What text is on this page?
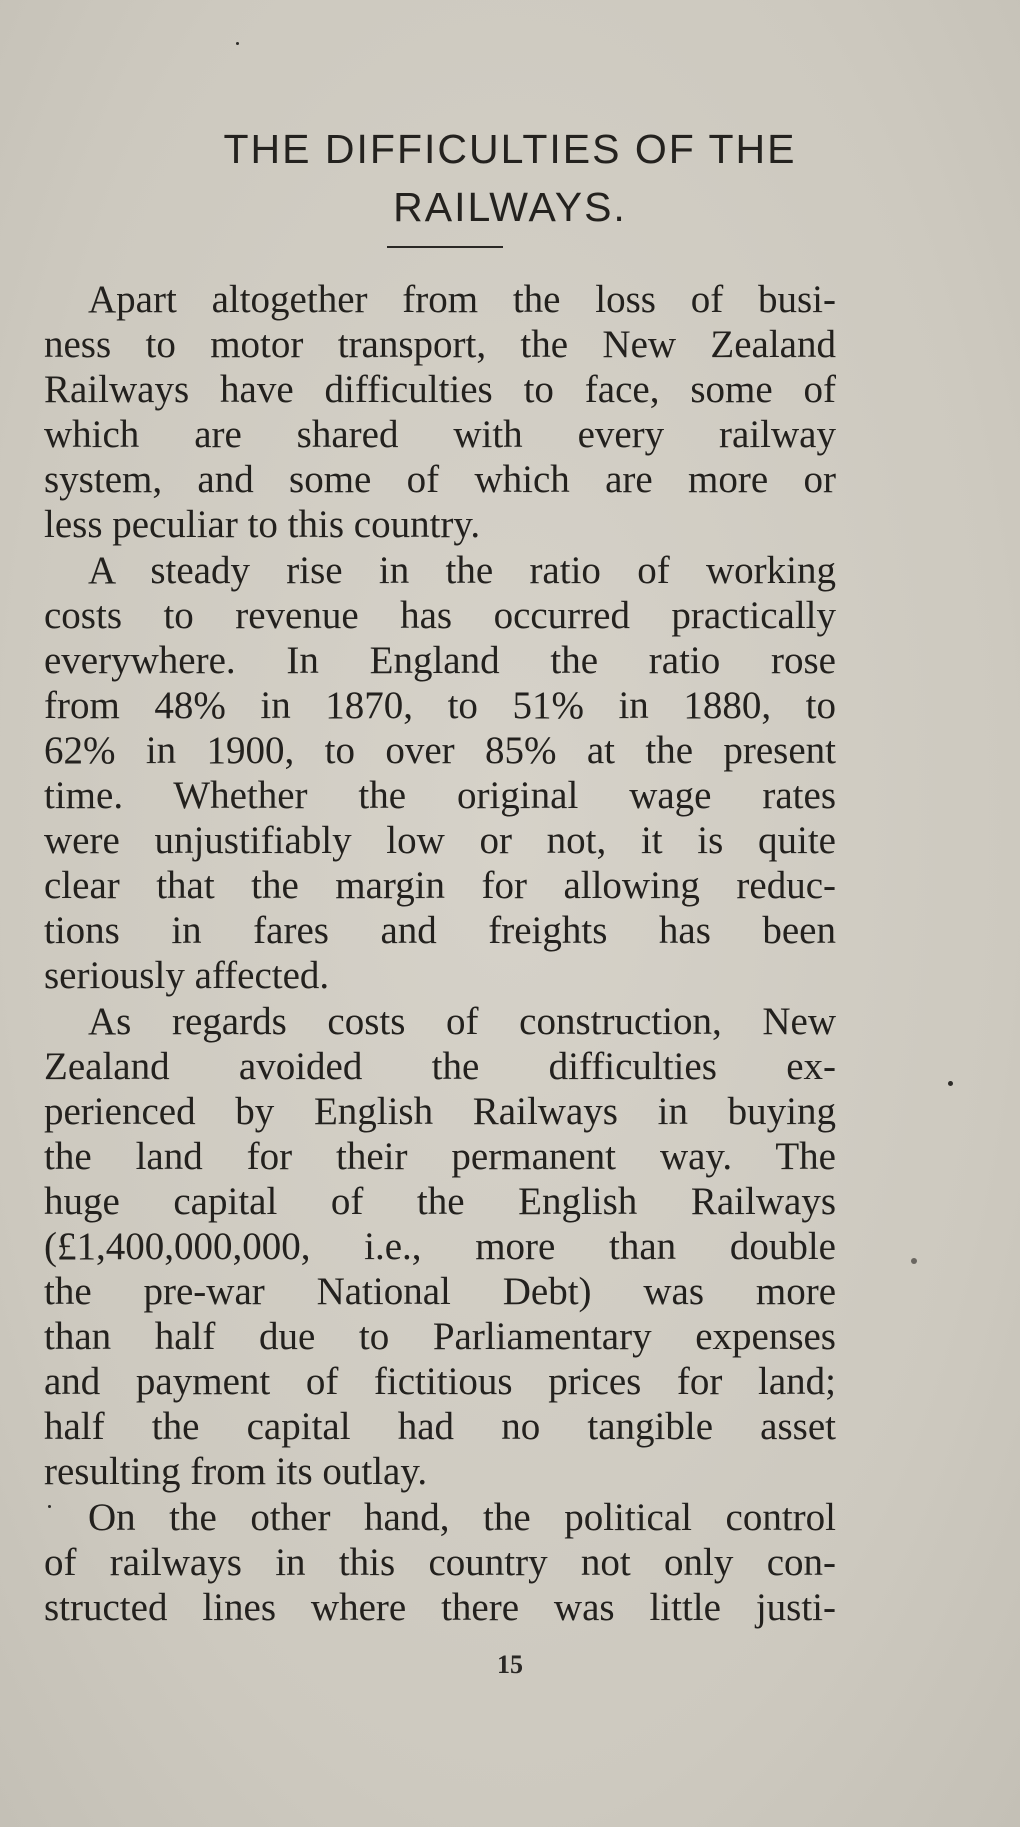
THE DIFFICULTIES OF THE
RAILWAYS.

Apart altogether from the loss of busi-
ness to motor transport, the New Zealand
Railways have difficulties to face, some of
which are shared with every railway
system, and some of which are more or
less peculiar to this country.

A steady rise in the ratio of working
costs to revenue has occurred practically
everywhere. In England the ratio rose
from 48% in 1870, to 51% in 1880, to
62% in 1900, to over 85% at the present
time. Whether the original wage rates
were unjustifiably low or not, it is quite
clear that the margin for allowing reduc-
tions in fares and freights has been
seriously affected.

As regards costs of construction, New
Zealand avoided the difficulties ex-
perienced by English Railways in buying
the land for their permanent way. The
huge capital of the English Railways
(£1,400,000,000, i.e., more than double
the pre-war National Debt) was more
than half due to Parliamentary expenses
and payment of fictitious prices for land;
half the capital had no tangible asset
resulting from its outlay.

On the other hand, the political control
of railways in this country not only con-
structed lines where there was little justi-

15
